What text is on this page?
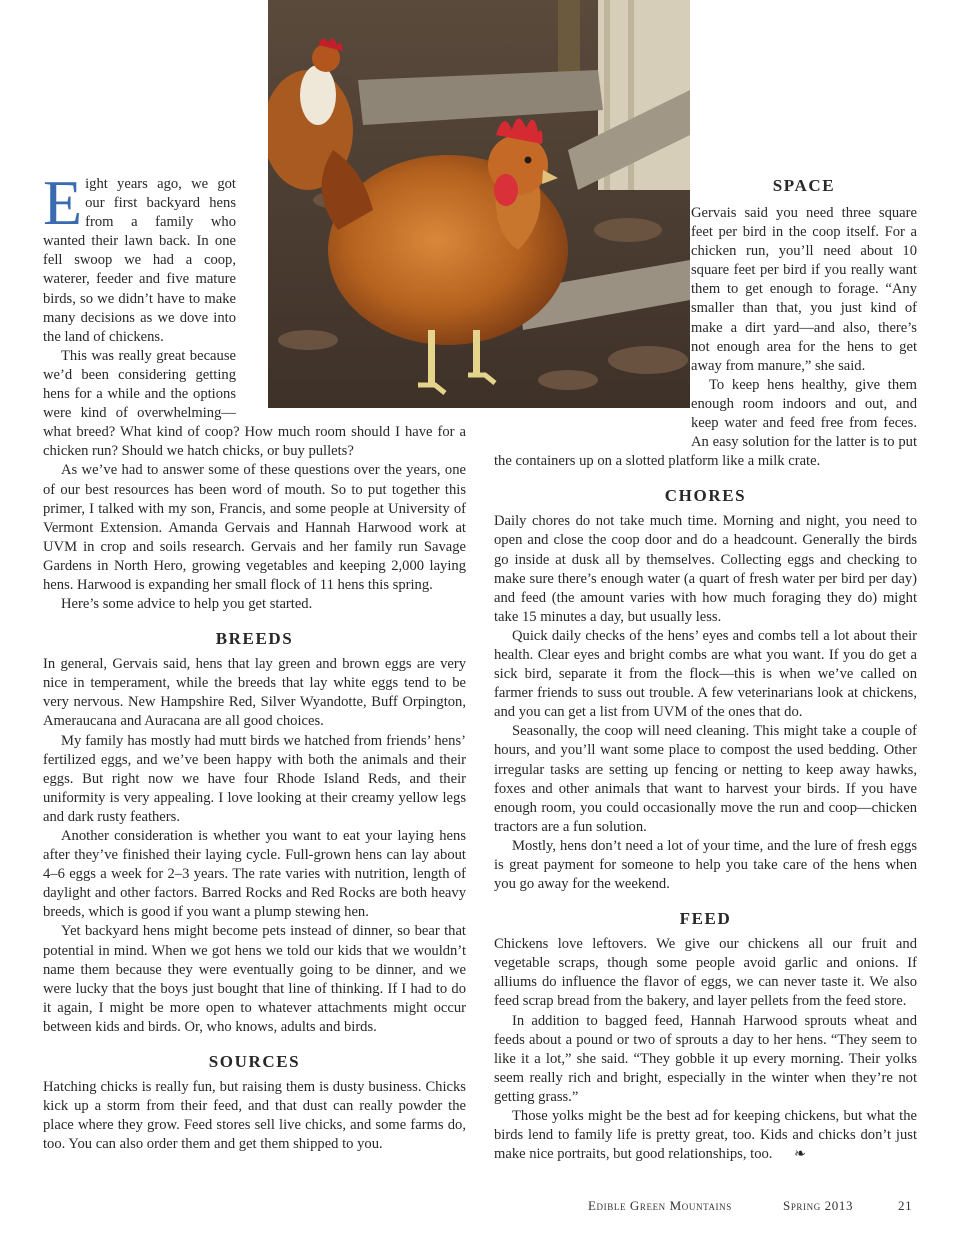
Eight years ago, we got our first backyard hens from a family who wanted their lawn back. In one fell swoop we had a coop, waterer, feeder and five mature birds, so we didn’t have to make many decisions as we dove into the land of chickens.

This was really great because we’d been considering getting hens for a while and the options were kind of overwhelming—what breed? What kind of coop? How much room should I have for a chicken run? Should we hatch chicks, or buy pullets?

As we’ve had to answer some of these questions over the years, one of our best resources has been word of mouth. So to put together this primer, I talked with my son, Francis, and some people at University of Vermont Extension. Amanda Gervais and Hannah Harwood work at UVM in crop and soils research. Gervais and her family run Savage Gardens in North Hero, growing vegetables and keeping 2,000 laying hens. Harwood is expanding her small flock of 11 hens this spring.

Here’s some advice to help you get started.

BREEDS

In general, Gervais said, hens that lay green and brown eggs are very nice in temperament, while the breeds that lay white eggs tend to be very nervous. New Hampshire Red, Silver Wyandotte, Buff Orpington, Ameraucana and Auracana are all good choices.

My family has mostly had mutt birds we hatched from friends’ hens’ fertilized eggs, and we’ve been happy with both the animals and their eggs. But right now we have four Rhode Island Reds, and their uniformity is very appealing. I love looking at their creamy yellow legs and dark rusty feathers.

Another consideration is whether you want to eat your laying hens after they’ve finished their laying cycle. Full-grown hens can lay about 4–6 eggs a week for 2–3 years. The rate varies with nutrition, length of daylight and other factors. Barred Rocks and Red Rocks are both heavy breeds, which is good if you want a plump stewing hen.

Yet backyard hens might become pets instead of dinner, so bear that potential in mind. When we got hens we told our kids that we wouldn’t name them because they were eventually going to be dinner, and we were lucky that the boys just bought that line of thinking. If I had to do it again, I might be more open to whatever attachments might occur between kids and birds. Or, who knows, adults and birds.

SOURCES

Hatching chicks is really fun, but raising them is dusty business. Chicks kick up a storm from their feed, and that dust can really powder the place where they grow. Feed stores sell live chicks, and some farms do, too. You can also order them and get them shipped to you.

SPACE

Gervais said you need three square feet per bird in the coop itself. For a chicken run, you’ll need about 10 square feet per bird if you really want them to get enough to forage. “Any smaller than that, you just kind of make a dirt yard—and also, there’s not enough area for the hens to get away from manure,” she said.

To keep hens healthy, give them enough room indoors and out, and keep water and feed free from feces. An easy solution for the latter is to put the containers up on a slotted platform like a milk crate.

CHORES

Daily chores do not take much time. Morning and night, you need to open and close the coop door and do a headcount. Generally the birds go inside at dusk all by themselves. Collecting eggs and checking to make sure there’s enough water (a quart of fresh water per bird per day) and feed (the amount varies with how much foraging they do) might take 15 minutes a day, but usually less.

Quick daily checks of the hens’ eyes and combs tell a lot about their health. Clear eyes and bright combs are what you want. If you do get a sick bird, separate it from the flock—this is when we’ve called on farmer friends to suss out trouble. A few veterinarians look at chickens, and you can get a list from UVM of the ones that do.

Seasonally, the coop will need cleaning. This might take a couple of hours, and you’ll want some place to compost the used bedding. Other irregular tasks are setting up fencing or netting to keep away hawks, foxes and other animals that want to harvest your birds. If you have enough room, you could occasionally move the run and coop—chicken tractors are a fun solution.

Mostly, hens don’t need a lot of your time, and the lure of fresh eggs is great payment for someone to help you take care of the hens when you go away for the weekend.

FEED

Chickens love leftovers. We give our chickens all our fruit and vegetable scraps, though some people avoid garlic and onions. If alliums do influence the flavor of eggs, we can never taste it. We also feed scrap bread from the bakery, and layer pellets from the feed store.

In addition to bagged feed, Hannah Harwood sprouts wheat and feeds about a pound or two of sprouts a day to her hens. “They seem to like it a lot,” she said. “They gobble it up every morning. Their yolks seem really rich and bright, especially in the winter when they’re not getting grass.”

Those yolks might be the best ad for keeping chickens, but what the birds lend to family life is pretty great, too. Kids and chicks don’t just make nice portraits, but good relationships, too. ❧

Edible Green Mountains	Spring 2013	21
